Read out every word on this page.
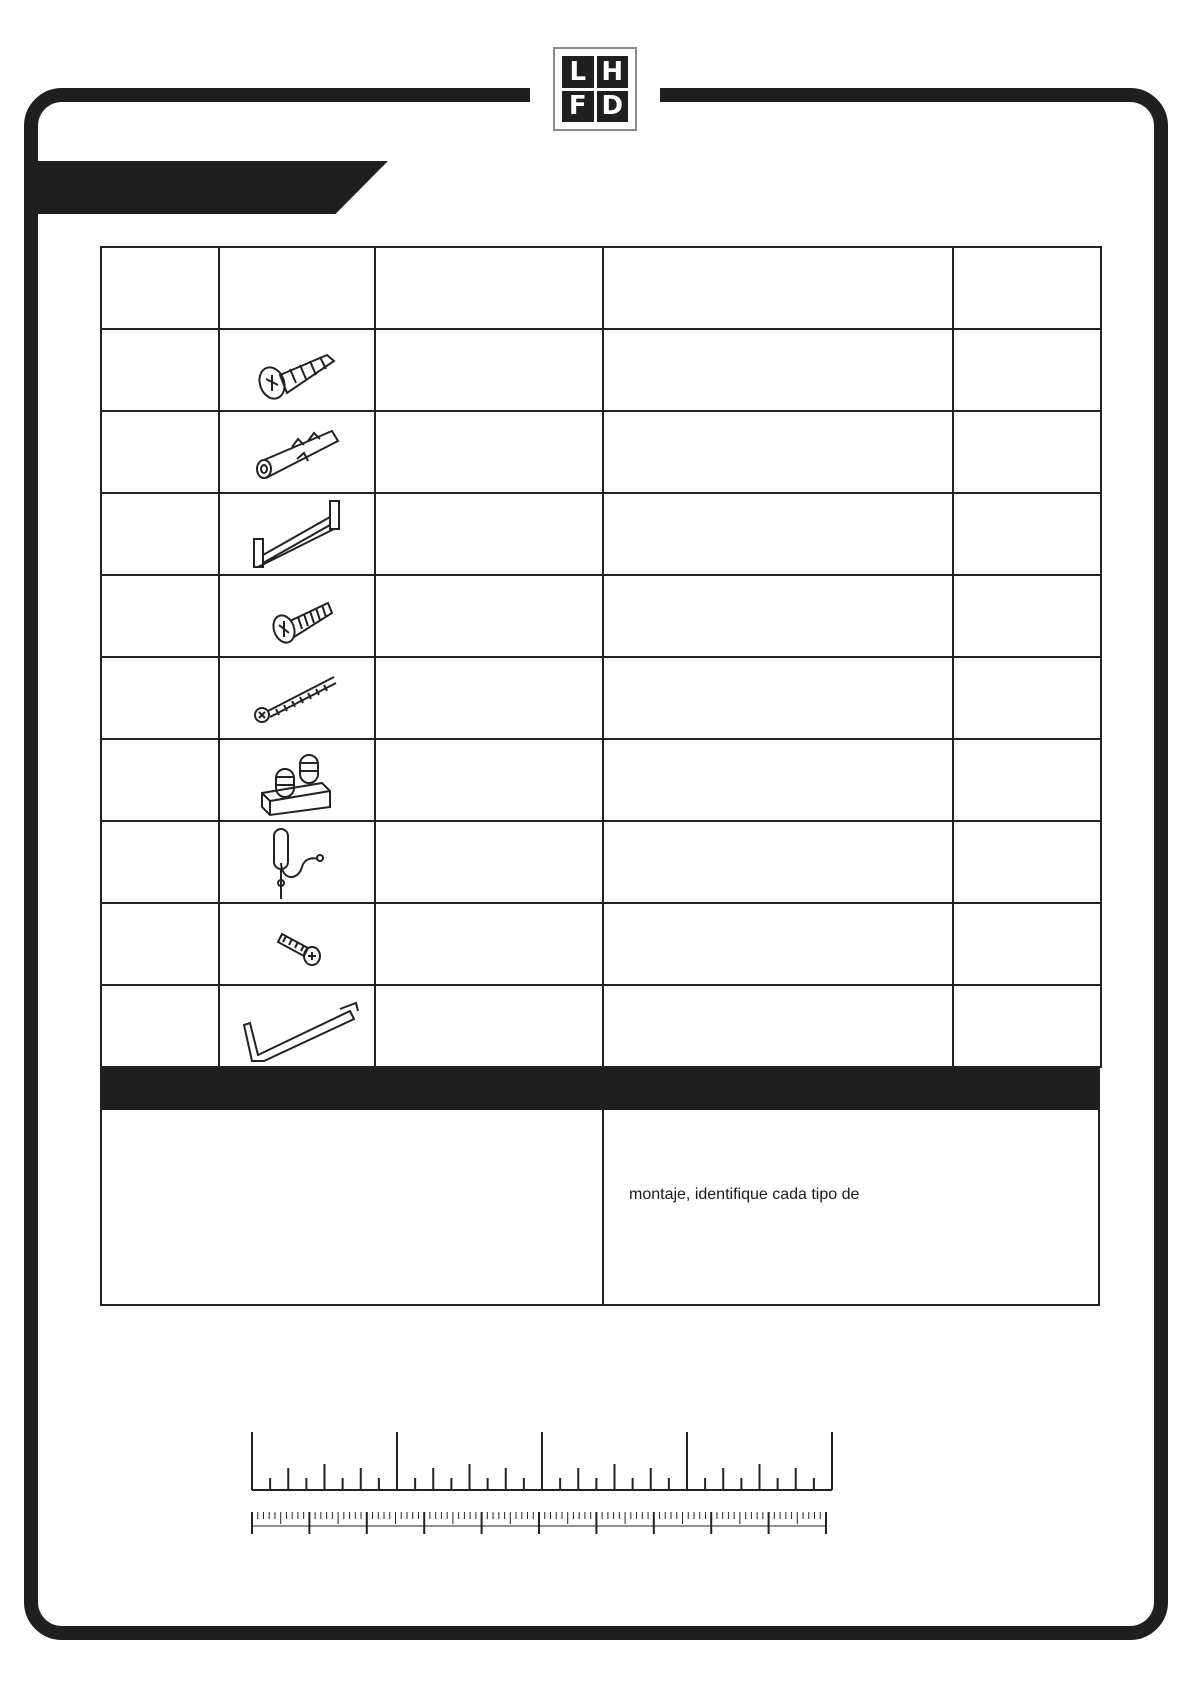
L H
F D

montaje, identifique cada tipo de
